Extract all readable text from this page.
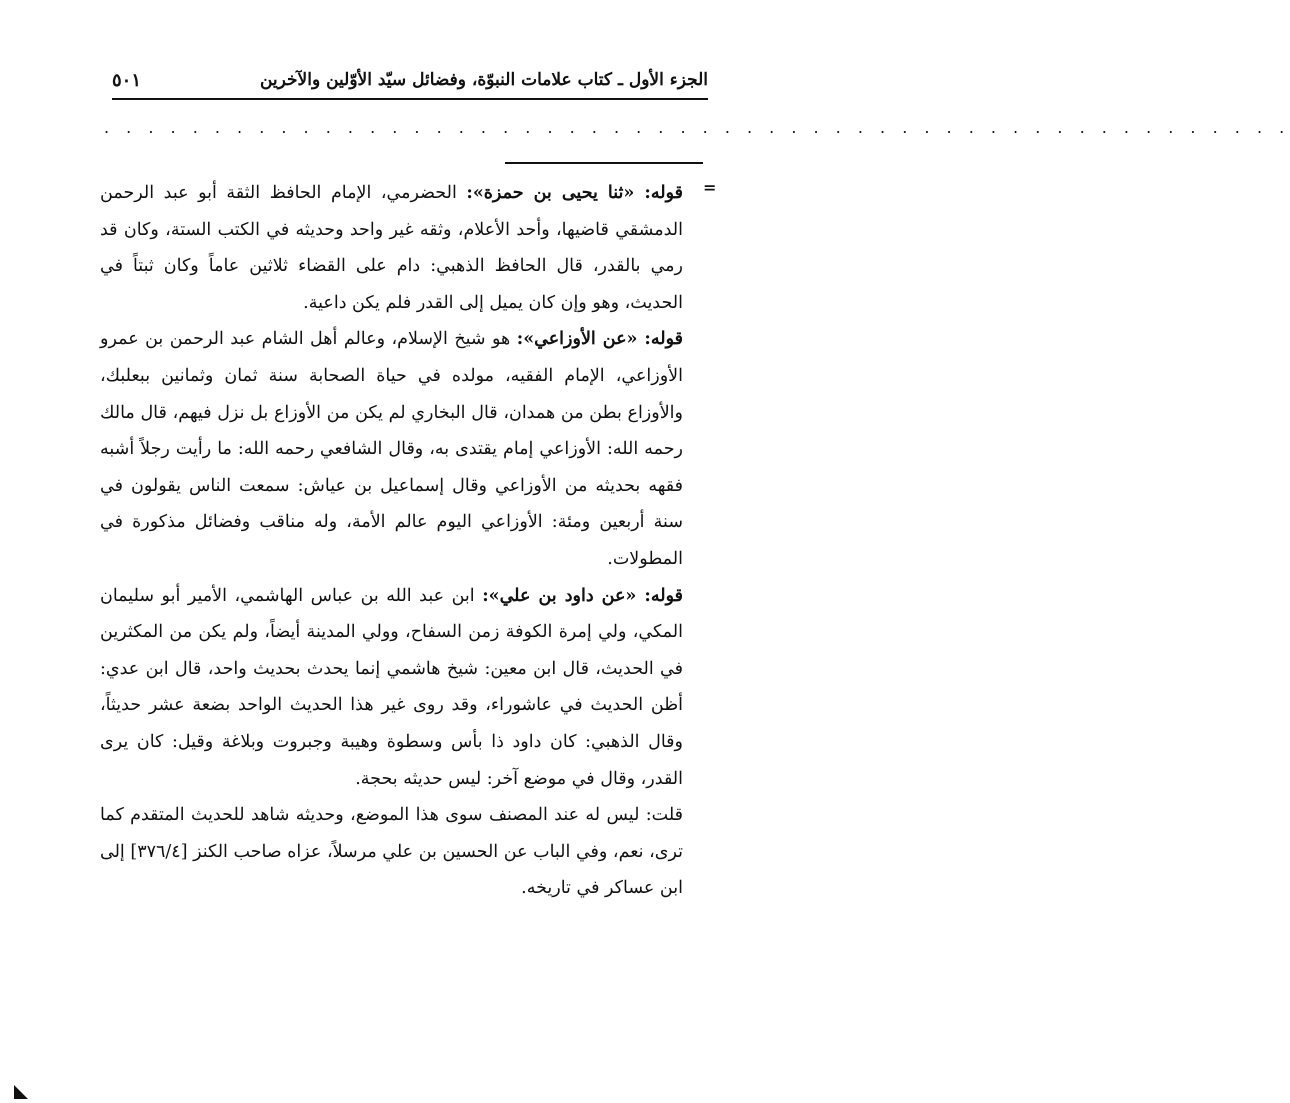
الجزء الأول ـ كتاب علامات النبوّة، وفضائل سيّد الأوّلين والآخرين
٥٠١
. . . . . . . . . . . . . . . . . . . . . . . . . . . . . . . . . . . . . . . . . . . . . . . . . . . . . .
=

قوله: «ثنا يحيى بن حمزة»: الحضرمي، الإمام الحافظ الثقة أبو عبد الرحمن الدمشقي قاضيها، وأحد الأعلام، وثقه غير واحد وحديثه في الكتب الستة، وكان قد رمي بالقدر، قال الحافظ الذهبي: دام على القضاء ثلاثين عاماً وكان ثبتاً في الحديث، وهو وإن كان يميل إلى القدر فلم يكن داعية.

قوله: «عن الأوزاعي»: هو شيخ الإسلام، وعالم أهل الشام عبد الرحمن بن عمرو الأوزاعي، الإمام الفقيه، مولده في حياة الصحابة سنة ثمان وثمانين ببعلبك، والأوزاع بطن من همدان، قال البخاري لم يكن من الأوزاع بل نزل فيهم، قال مالك رحمه الله: الأوزاعي إمام يقتدى به، وقال الشافعي رحمه الله: ما رأيت رجلاً أشبه فقهه بحديثه من الأوزاعي وقال إسماعيل بن عياش: سمعت الناس يقولون في سنة أربعين ومئة: الأوزاعي اليوم عالم الأمة، وله مناقب وفضائل مذكورة في المطولات.

قوله: «عن داود بن علي»: ابن عبد الله بن عباس الهاشمي، الأمير أبو سليمان المكي، ولي إمرة الكوفة زمن السفاح، وولي المدينة أيضاً، ولم يكن من المكثرين في الحديث، قال ابن معين: شيخ هاشمي إنما يحدث بحديث واحد، قال ابن عدي: أظن الحديث في عاشوراء، وقد روى غير هذا الحديث الواحد بضعة عشر حديثاً، وقال الذهبي: كان داود ذا بأس وسطوة وهيبة وجبروت وبلاغة وقيل: كان يرى القدر، وقال في موضع آخر: ليس حديثه بحجة.

قلت: ليس له عند المصنف سوى هذا الموضع، وحديثه شاهد للحديث المتقدم كما ترى، نعم، وفي الباب عن الحسين بن علي مرسلاً، عزاه صاحب الكنز [٣٧٦/٤] إلى ابن عساكر في تاريخه.
